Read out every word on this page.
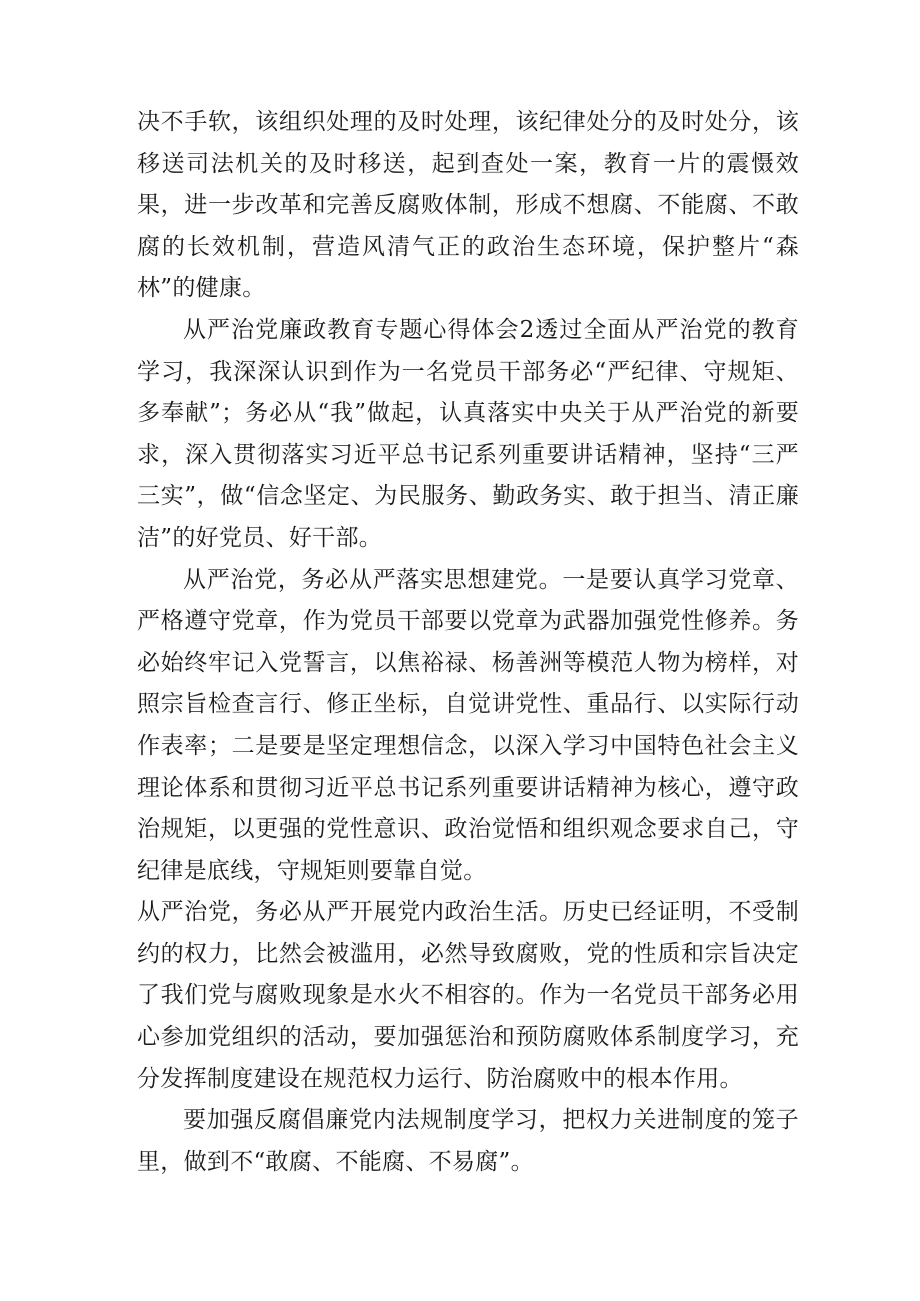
决不手软，该组织处理的及时处理，该纪律处分的及时处分，该移送司法机关的及时移送，起到查处一案，教育一片的震慑效果，进一步改革和完善反腐败体制，形成不想腐、不能腐、不敢腐的长效机制，营造风清气正的政治生态环境，保护整片“森林”的健康。

从严治党廉政教育专题心得体会2透过全面从严治党的教育学习，我深深认识到作为一名党员干部务必“严纪律、守规矩、多奉献”；务必从“我”做起，认真落实中央关于从严治党的新要求，深入贯彻落实习近平总书记系列重要讲话精神，坚持“三严三实”，做“信念坚定、为民服务、勤政务实、敢于担当、清正廉洁”的好党员、好干部。

从严治党，务必从严落实思想建党。一是要认真学习党章、严格遵守党章，作为党员干部要以党章为武器加强党性修养。务必始终牢记入党誓言，以焦裕禄、杨善洲等模范人物为榜样，对照宗旨检查言行、修正坐标，自觉讲党性、重品行、以实际行动作表率；二是要是坚定理想信念，以深入学习中国特色社会主义理论体系和贯彻习近平总书记系列重要讲话精神为核心，遵守政治规矩，以更强的党性意识、政治觉悟和组织观念要求自己，守纪律是底线，守规矩则要靠自觉。

从严治党，务必从严开展党内政治生活。历史已经证明，不受制约的权力，比然会被滥用，必然导致腐败，党的性质和宗旨决定了我们党与腐败现象是水火不相容的。作为一名党员干部务必用心参加党组织的活动，要加强惩治和预防腐败体系制度学习，充分发挥制度建设在规范权力运行、防治腐败中的根本作用。

要加强反腐倡廉党内法规制度学习，把权力关进制度的笼子里，做到不“敢腐、不能腐、不易腐”。
